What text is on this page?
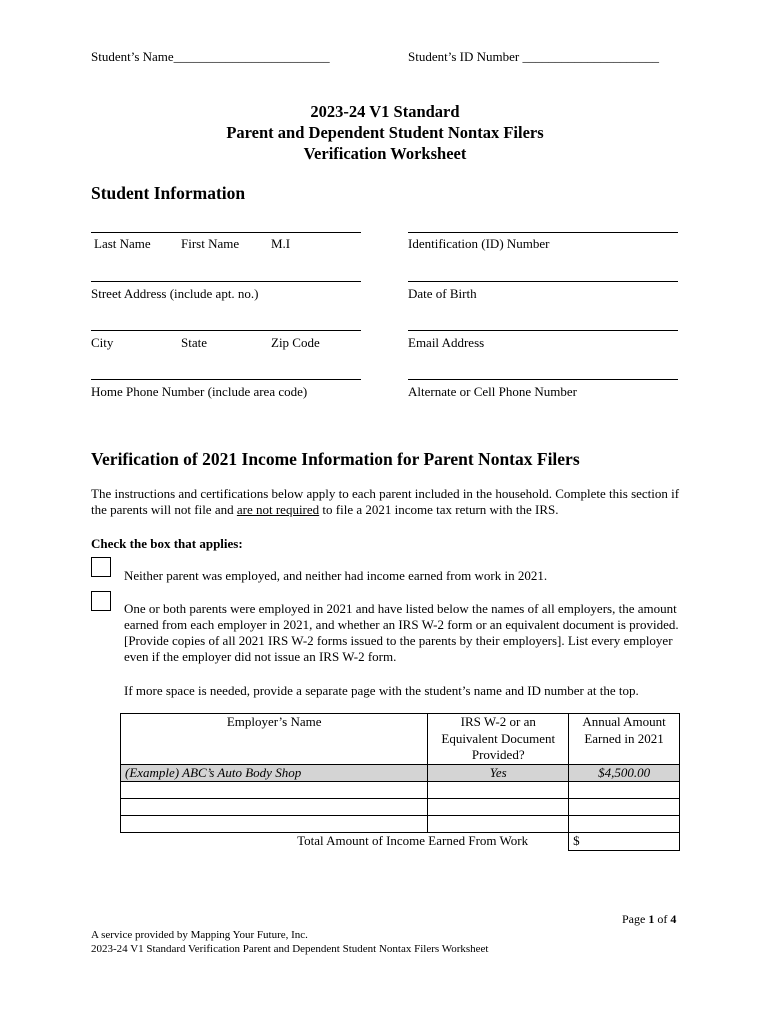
Student’s Name________________________	Student’s ID Number _____________________
2023-24 V1 Standard
Parent and Dependent Student Nontax Filers
Verification Worksheet
Student Information
Last Name First Name M.I	Identification (ID) Number
Street Address (include apt. no.)	Date of Birth
City	State	Zip Code	Email Address
Home Phone Number (include area code)	Alternate or Cell Phone Number
Verification of 2021 Income Information for Parent Nontax Filers
The instructions and certifications below apply to each parent included in the household. Complete this section if the parents will not file and are not required to file a 2021 income tax return with the IRS.
Check the box that applies:
Neither parent was employed, and neither had income earned from work in 2021.
One or both parents were employed in 2021 and have listed below the names of all employers, the amount earned from each employer in 2021, and whether an IRS W-2 form or an equivalent document is provided. [Provide copies of all 2021 IRS W-2 forms issued to the parents by their employers]. List every employer even if the employer did not issue an IRS W-2 form.
If more space is needed, provide a separate page with the student’s name and ID number at the top.
Employer’s Name	IRS W-2 or an Equivalent Document Provided?	Annual Amount Earned in 2021
(Example) ABC’s Auto Body Shop	Yes	$4,500.00

Total Amount of Income Earned From Work		$
Page 1 of 4
A service provided by Mapping Your Future, Inc.
2023-24 V1 Standard Verification Parent and Dependent Student Nontax Filers Worksheet
